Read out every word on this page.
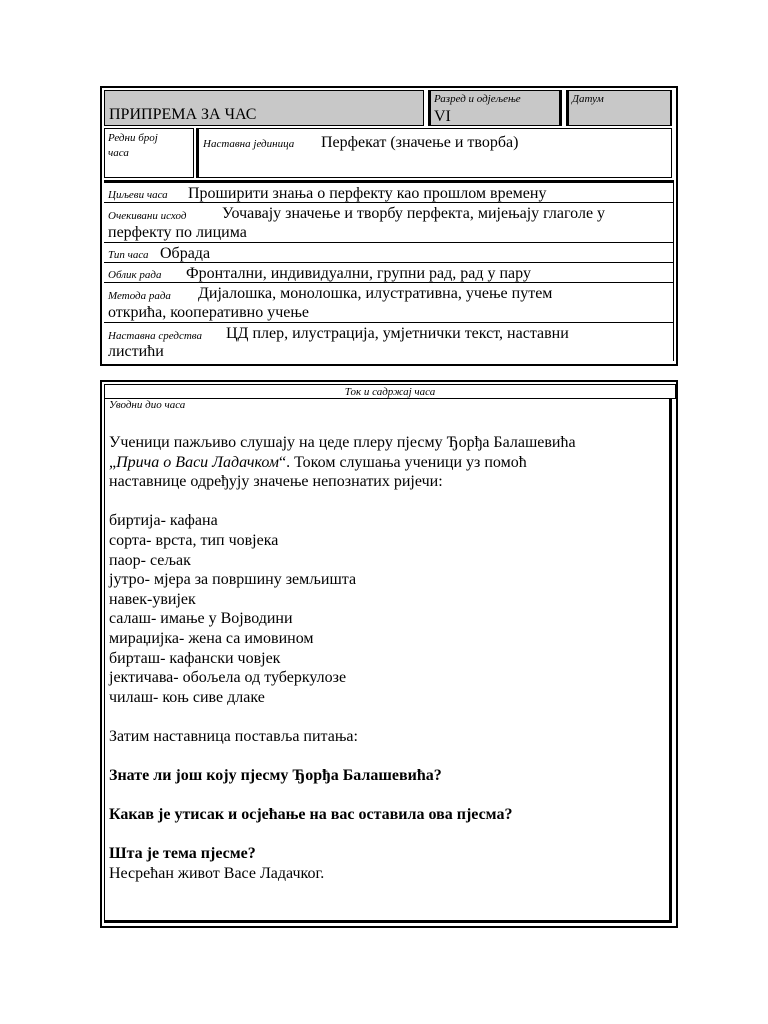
ПРИПРЕМА ЗА ЧАС
Разред и одјељење
VI
Датум
Редни број часа
Наставна јединица Перфекат (значење и творба)
Циљеви часа Проширити знања о перфекту као прошлом времену
Очекивани исход Уочавају значење и творбу перфекта, мијењају глаголе у
перфекту по лицима
Тип часа Обрада
Облик рада Фронтални, индивидуални, групни рад, рад у пару
Метода рада Дијалошка, монолошка, илустративна, учење путем
открића, кооперативно учење
Наставна средства ЦД плер, илустрација, умјетнички текст, наставни
листићи
Ток и садржај часа
Уводни дио часа

Ученици пажљиво слушају на цеде плеру пјесму Ђорђа Балашевића

„Прича о Васи Ладачком“. Током слушања ученици уз помоћ

наставнице одређују значење непознатих ријечи:

биртија- кафана

сорта- врста, тип човјека

паор- сељак

јутро- мјера за површину земљишта

навек-увијек

салаш- имање у Војводини

мираџијка- жена са имовином

бирташ- кафански човјек

јектичава- обољела од туберкулозе

чилаш- коњ сиве длаке

Затим наставница поставља питања:

Знате ли још коју пјесму Ђорђа Балашевића?

Какав је утисак и осјећање на вас оставила ова пјесма?

Шта је тема пјесме?

Несрећан живот Васе Ладачког.
